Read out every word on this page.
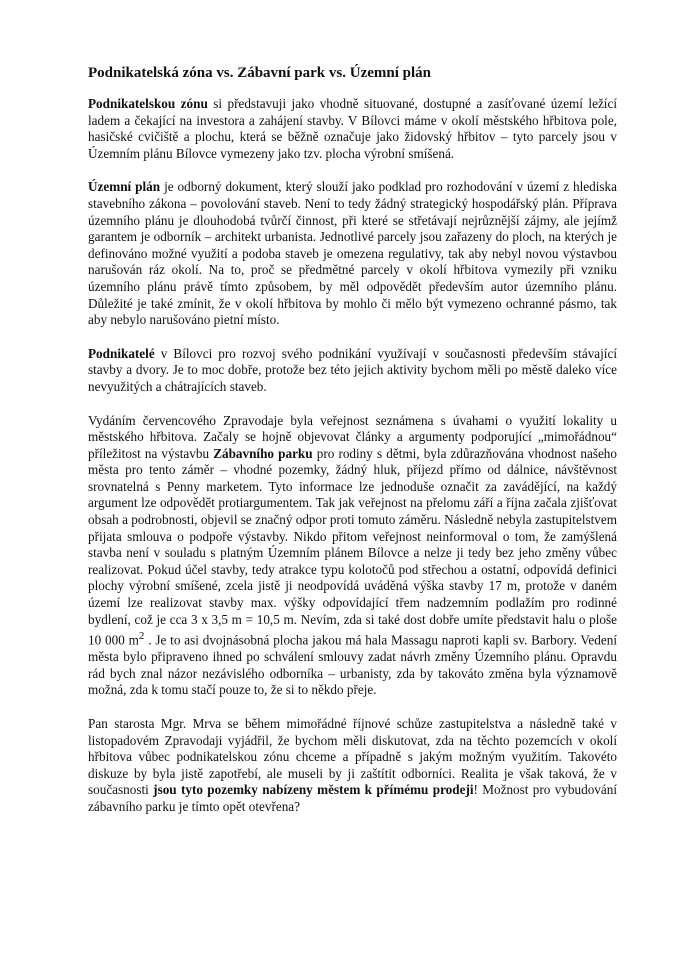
Podnikatelská zóna vs. Zábavní park vs. Územní plán

Podnikatelskou zónu si představuji jako vhodně situované, dostupné a zasíťované území ležící ladem a čekající na investora a zahájení stavby. V Bílovci máme v okolí městského hřbitova pole, hasičské cvičiště a plochu, která se běžně označuje jako židovský hřbitov – tyto parcely jsou v Územním plánu Bílovce vymezeny jako tzv. plocha výrobní smíšená.

Územní plán je odborný dokument, který slouží jako podklad pro rozhodování v území z hlediska stavebního zákona – povolování staveb. Není to tedy žádný strategický hospodářský plán. Příprava územního plánu je dlouhodobá tvůrčí činnost, při které se střetávají nejrůznější zájmy, ale jejímž garantem je odborník – architekt urbanista. Jednotlivé parcely jsou zařazeny do ploch, na kterých je definováno možné využití a podoba staveb je omezena regulativy, tak aby nebyl novou výstavbou narušován ráz okolí. Na to, proč se předmětné parcely v okolí hřbitova vymezily při vzniku územního plánu právě tímto způsobem, by měl odpovědět především autor územního plánu. Důležité je také zmínit, že v okolí hřbitova by mohlo či mělo být vymezeno ochranné pásmo, tak aby nebylo narušováno pietní místo.

Podnikatelé v Bílovci pro rozvoj svého podnikání využívají v současnosti především stávající stavby a dvory. Je to moc dobře, protože bez této jejich aktivity bychom měli po městě daleko více nevyužitých a chátrajících staveb.

Vydáním červencového Zpravodaje byla veřejnost seznámena s úvahami o využití lokality u městského hřbitova. Začaly se hojně objevovat články a argumenty podporující „mimořádnou“ příležitost na výstavbu Zábavního parku pro rodiny s dětmi, byla zdůrazňována vhodnost našeho města pro tento záměr – vhodné pozemky, žádný hluk, příjezd přímo od dálnice, návštěvnost srovnatelná s Penny marketem. Tyto informace lze jednoduše označit za zavádějící, na každý argument lze odpovědět protiargumentem. Tak jak veřejnost na přelomu září a října začala zjišťovat obsah a podrobnosti, objevil se značný odpor proti tomuto záměru. Následně nebyla zastupitelstvem přijata smlouva o podpoře výstavby. Nikdo přitom veřejnost neinformoval o tom, že zamýšlená stavba není v souladu s platným Územním plánem Bílovce a nelze ji tedy bez jeho změny vůbec realizovat. Pokud účel stavby, tedy atrakce typu kolotočů pod střechou a ostatní, odpovídá definici plochy výrobní smíšené, zcela jistě ji neodpovídá uváděná výška stavby 17 m, protože v daném území lze realizovat stavby max. výšky odpovídající třem nadzemním podlažím pro rodinné bydlení, což je cca 3 x 3,5 m = 10,5 m. Nevím, zda si také dost dobře umíte představit halu o ploše 10 000 $m^2$ . Je to asi dvojnásobná plocha jakou má hala Massagu naproti kapli sv. Barbory. Vedení města bylo připraveno ihned po schválení smlouvy zadat návrh změny Územního plánu. Opravdu rád bych znal názor nezávislého odborníka – urbanisty, zda by takováto změna byla významově možná, zda k tomu stačí pouze to, že si to někdo přeje.

Pan starosta Mgr. Mrva se během mimořádné říjnové schůze zastupitelstva a následně také v listopadovém Zpravodaji vyjádřil, že bychom měli diskutovat, zda na těchto pozemcích v okolí hřbitova vůbec podnikatelskou zónu chceme a případně s jakým možným využitím. Takovéto diskuze by byla jistě zapotřebí, ale museli by ji zaštítit odborníci. Realita je však taková, že v současnosti jsou tyto pozemky nabízeny městem k přímému prodeji! Možnost pro vybudování zábavního parku je tímto opět otevřena?
